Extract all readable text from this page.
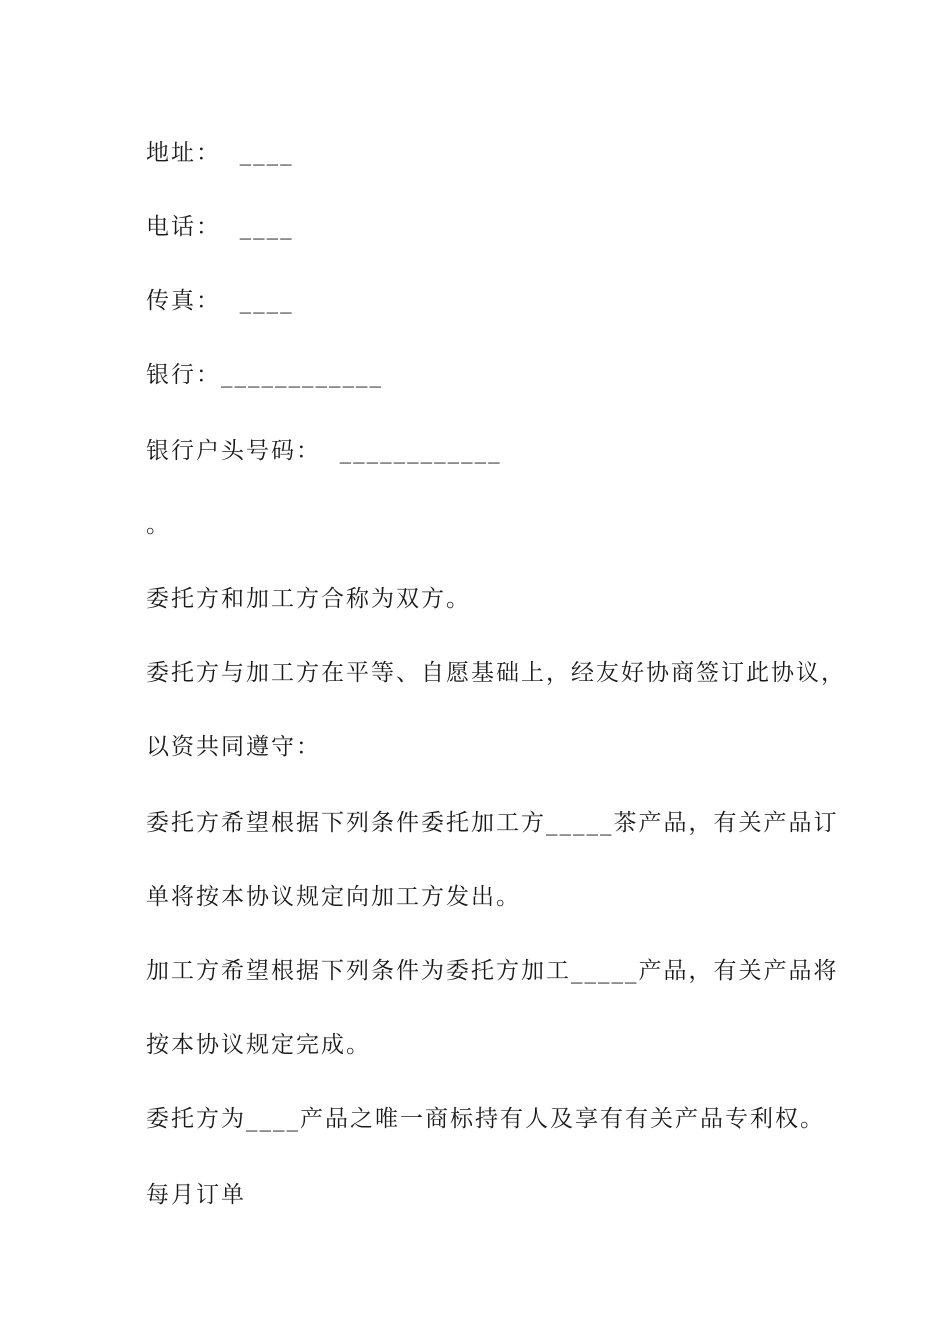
地址：  ____
电话：  ____
传真：  ____
银行：____________
银行户头号码：  ____________
。
委托方和加工方合称为双方。
委托方与加工方在平等、自愿基础上，经友好协商签订此协议，
以资共同遵守：
委托方希望根据下列条件委托加工方_____茶产品，有关产品订
单将按本协议规定向加工方发出。
加工方希望根据下列条件为委托方加工_____产品，有关产品将
按本协议规定完成。
委托方为____产品之唯一商标持有人及享有有关产品专利权。
每月订单
